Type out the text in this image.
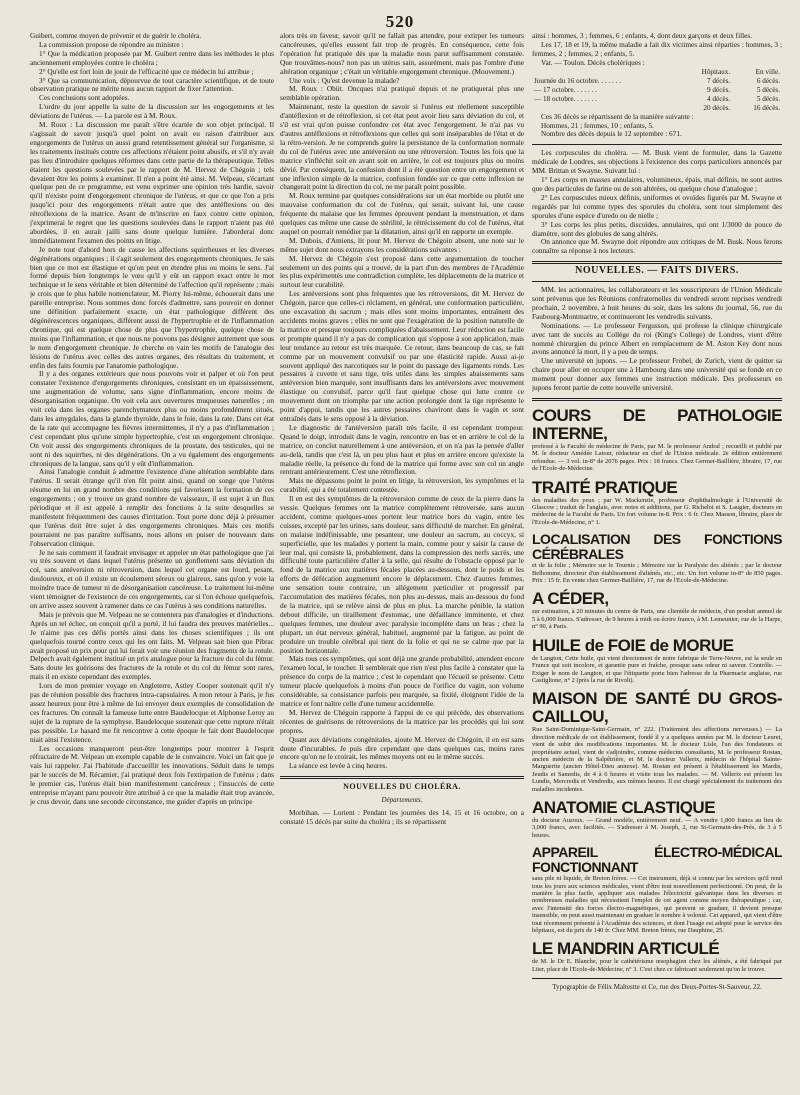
520

Guibert, comme moyen de prévenir et de guérir le choléra.

La commission propose de répondre au ministre :

1° Que la médication proposée par M. Guibert rentre dans les méthodes le plus anciennement employées contre le choléra ;

2° Qu'elle est fort loin de jouir de l'efficacité que ce médecin lui attribue ;

3° Que sa communication, dépourvue de tout caractère scientifique, et de toute observation pratique ne mérite nous aucun rapport de fixer l'attention.

Ces conclusions sont adoptées.

L'ordre du jour appelle la suite de la discussion sur les engorgements et les déviations de l'utérus. — La parole est à M. Roux.

M. Roux : La discussion me paraît s'être écartée de son objet principal. Il s'agissait de savoir jusqu'à quel point on avait eu raison d'attribuer aux engorgements de l'utérus un aussi grand retentissement général sur l'organisme, si les traitements institués contre ces affections n'étaient point abusifs, et s'il n'y avait pas lieu d'introduire quelques réformes dans cette partie de la thérapeutique. Telles étaient les questions soulevées par le rapport de M. Hervez de Chégoin ; tels devaient être les points à examiner. Il n'en a point été ainsi. M. Velpeau, s'écartant quelque peu de ce programme, est venu exprimer une opinion très hardie, savoir qu'il n'existe point d'engorgement chronique de l'utérus, et que ce que l'on a pris jusqu'ici pour des engorgements n'était autre que des antéflexions ou des rétroflexions de la matrice. Avant de m'inscrire en faux contre cette opinion, j'exprimerai le regret que les questions soulevées dans le rapport n'aient pas été abordées, il en aurait jailli sans doute quelque lumière. J'aborderai donc immédiatement l'examen des points en litige.

Je note tout d'abord hors de cause les affections squirrheuses et les diverses dégénérations organiques ; il s'agit seulement des engorgements chroniques. Je sais bien que ce mot est élastique et qu'on peut en étendre plus ou moins le sens. J'ai formé depuis bien longtemps le vœu qu'il y eût un rapport exact entre le mot technique et le sens véritable et bien déterminé de l'affection qu'il représente ; mais je crois que le plus habile nomenclateur, M. Piorry lui-même, échouerait dans une pareille entreprise. Nous sommes donc forcés d'admettre, sans pouvoir en donner une définition parfaitement exacte, un état pathologique différent des dégénérescences organiques, différent aussi de l'hypertrophie et de l'inflammation chronique, qui est quelque chose de plus que l'hypertrophie, quelque chose de moins que l'inflammation, et que nous ne pouvons pas désigner autrement que sous le nom d'engorgement chronique. Je cherche en vain les motifs de l'analogie des lésions de l'utérus avec celles des autres organes, des résultats du traitement, et enfin des faits fournis par l'anatomie pathologique.

Il y a des organes extérieurs que nous pouvons voir et palper et où l'on peut constater l'existence d'engorgements chroniques, consistant en un épaississement, une augmentation de volume, sans signe d'inflammation, encore moins de désorganisation organique. On voit cela aux ouvertures muqueuses naturelles ; on voit cela dans les organes parenchymateux plus ou moins profondément situés, dans les amygdales, dans la glande thyroïde, dans le foie, dans la rate. Dans cet état de la rate qui accompagne les fièvres intermittentes, il n'y a pas d'inflammation ; c'est cependant plus qu'une simple hypertrophie, c'est un engorgement chronique. On voit aussi des engorgements chroniques de la prostate, des testicules, qui ne sont ni des squirrhes, ni des dégénérations. On a vu également des engorgements chroniques de la langue, sans qu'il y eût d'inflammation.

Ainsi l'analogie conduit à admettre l'existence d'une altération semblable dans l'utérus. Il serait étrange qu'il n'en fût point ainsi, quand on songe que l'utérus résume en lui un grand nombre des conditions qui favorisent la formation de ces engorgements ; on y trouve un grand nombre de vaisseaux, il est sujet à un flux périodique et il est appelé à remplir des fonctions à la suite desquelles se manifestent fréquemment des causes d'irritation. Tout porte donc déjà à présumer que l'utérus doit être sujet à des engorgements chroniques. Mais ces motifs pourraient ne pas paraître suffisants, nous allons en puiser de nouveaux dans l'observation clinique.

Je ne sais comment il faudrait envisager et appeler un état pathologique que j'ai vu très souvent et dans lequel l'utérus présente un gonflement sans déviation du col, sans antéversion ni rétroversion, dans lequel cet organe est lourd, pesant, douloureux, et où il existe un écoulement séreux ou glaireux, sans qu'on y voie la moindre trace de tumeur ni de désorganisation cancéreuse. Le traitement lui-même vient témoigner de l'existence de ces engorgements, car si l'on échoue quelquefois, on arrive assez souvent à ramener dans ce cas l'utérus à ses conditions naturelles.

Mais je prévois que M. Velpeau ne se contentera pas d'analogies et d'inductions. Après un tel échec, on conçoit qu'il a porté, il lui faudra des preuves matérielles... Je n'aime pas ces défis portés ainsi dans les choses scientifiques ; ils ont quelquefois tourné contre ceux qui les ont faits. M. Velpeau sait bien que Pibrac avait proposé un prix pour qui lui ferait voir une réunion des fragments de la rotule. Delpech avait également institué un prix analogue pour la fracture du col du fémur. Sans doute les guérisons des fractures de la rotule et du col du fémur sont rares, mais il en existe cependant des exemples.

Lors de mon premier voyage en Angleterre, Astley Cooper soutenait qu'il n'y pas de réunion possible des fractures intra-capsulaires. A mon retour à Paris, je fus assez heureux pour être à même de lui envoyer deux exemples de consolidation de ces fractures. On connaît la fameuse lutte entre Baudelocque et Alphonse Leroy au sujet de la rupture de la symphyse. Baudelocque soutenait que cette rupture n'était pas possible. Le hasard me fit rencontrer à cette époque le fait dont Baudelocque niait ainsi l'existence.

Les occasions manqueront peut-être longtemps pour montrer à l'esprit réfractaire de M. Velpeau un exemple capable de le convaincre. Voici un fait que je vais lui rappeler. J'ai l'habitude d'accueillir les innovations. Séduit dans le temps par le succès de M. Récamier, j'ai pratiqué deux fois l'extirpation de l'utérus ; dans le premier cas, l'utérus était bien manifestement cancéreux ; l'insuccès de cette entreprise m'ayant paru pouvoir être attribué à ce que la maladie était trop avancée, je crus devoir, dans une seconde circonstance, me guider d'après un principe

alors très en faveur, savoir qu'il ne fallait pas attendre, pour extirper les tumeurs cancéreuses, qu'elles eussent fait trop de progrès. En conséquence, cette fois l'opération fut pratiquée dès que la maladie nous parut suffisamment constatée. Que trouvâmes-nous? non pas un utérus sain, assurément, mais pas l'ombre d'une altération organique ; c'était un véritable engorgement chronique. (Mouvement.)

Une voix : Qu'est devenue la malade?

M. Roux : Obiit. Oncques n'ai pratiqué depuis et ne pratiquerai plus une semblable opération.

Maintenant, reste la question de savoir si l'utérus est réellement susceptible d'antéflexion et de rétroflexion, si cet état peut avoir lieu sans déviation du col, et s'il est vrai qu'on puisse confondre cet état avec l'engorgement. Je n'ai pas vu d'autres antéflexions et rétroflexions que celles qui sont inséparables de l'état et de la rétro-version. Je ne comprends guère la persistance de la conformation normale du col de l'utérus avec une antéversion ou une rétroversion. Toutes les fois que la matrice s'infléchit soit en avant soit en arrière, le col est toujours plus ou moins dévié. Par conséquent, la confusion dont il a été question entre un engorgement et une inflexion simple de la matrice, confusion fondée sur ce que cette inflexion ne changerait point la direction du col, ne me paraît point possible.

M. Roux termine par quelques considérations sur un état morbide ou plutôt une mauvaise conformation du col de l'utérus, qui serait, suivant lui, une cause fréquente du malaise que les femmes éprouvent pendant la menstruation, et dans quelques cas même une cause de stérilité, le rétrécissement du col de l'utérus, état auquel on pourrait remédier par la dilatation, ainsi qu'il en rapporte un exemple.

M. Dubois, d'Amiens, lit pour M. Hervez de Chégoin absent, une note sur le même sujet dont nous extrayons les considérations suivantes :

M. Hervez de Chégoin s'est proposé dans cette argumentation de toucher seulement un des points qui a trouvé, de la part d'un des membres de l'Académie les plus expérimentés une contradiction complète, les déplacements de la matrice et surtout leur curabilité.

Les antéversions sont plus fréquentes que les rétroversions, dit M. Hervez de Chégoin, parce que celles-ci réclament, en général, une conformation particulière, une excavation du sacrum ; mais elles sont moins importantes, entraînent des accidents moins graves ; elles ne sont que l'exagération de la position naturelle de la matrice et presque toujours compliquées d'abaissement. Leur réduction est facile et prompte quand il n'y a pas de complication qui s'oppose à son application, mais leur tendance au retour est très marquée. Ce retour, dans beaucoup de cas, se fait comme par un mouvement convulsif ou par une élasticité rapide. Aussi ai-je souvent appliqué des narcotiques sur le point du passage des ligaments ronds. Les pessaires à cuvette et sans tige, très utiles dans les simples abaissements sans antéversion bien marquée, sont insuffisants dans les antéversions avec mouvement élastique ou convulsif, parce qu'il faut quelque chose qui lutte contre ce mouvement dont on triomphe par une action prolongée dont la tige représente le point d'appui, tandis que les autres pessaires chaviront dans le vagin et sont entraînés dans le sens opposé à la déviation.

Le diagnostic de l'antéversion paraît très facile, il est cependant trompeur. Quand le doigt, introduit dans le vagin, rencontre en bas et en arrière le col de la matrice, on conclut naturellement à une antéversion, et on n'a pas la pensée d'aller au-delà, tandis que c'est là, un peu plus haut et plus en arrière encore qu'existe la maladie réelle, la présence du fond de la matrice qui forme avec son col un angle rentrant antérieurement. C'est une rétroflexion.

Mais ne dépassons point le point en litige, la rétroversion, les symptômes et la curabilité, qui a été totalement contestée.

Il en est des symptômes de la rétroversion comme de ceux de la pierre dans la vessie. Quelques femmes ont la matrice complètement rétroversée, sans aucun accident, comme quelques-unes portent leur matrice hors du vagin, entre les cuisses, excepté par les urines, sans douleur, sans difficulté de marcher. En général, on malaise indéfinissable, une pesanteur, une douleur au sacrum, au coccyx, si superficielle, que les malades y portent la main, comme pour y saisir la cause de leur mal, qui consiste là, probablement, dans la compression des nerfs sacrés, une difficulté toute particulière d'aller à la selle, qui résulte de l'obstacle opposé par le fond de la matrice aux matières fécales placées au-dessous, dont le poids et les efforts de défécation augmentent encore le déplacement. Chez d'autres femmes, une sensation toute contraire, un allégement particulier et progressif par l'accumulation des matières fécales, non plus au-dessus, mais au-dessous du fond de la matrice, qui se relève ainsi de plus en plus. La marche pénible, la station debout difficile, un tiraillement d'estomac, une défaillance imminente, et chez quelques femmes, une douleur avec paralysie incomplète dans un bras ; chez la plupart, un état nerveux général, habituel, augmenté par la fatigue, au point de produire un trouble cérébral qui tient de la folie et qui ne se calme que par la position horizontale.

Mais tous ces symptômes, qui sont déjà une grande probabilité, attendent encore l'examen local, le toucher. Il semblerait que rien n'est plus facile à constater que la présence du corps de la matrice ; c'est le cependant que l'écueil se présente. Cette tumeur placée quelquefois à moins d'un pouce de l'orifice du vagin, son volume considérable, sa consistance parfois peu marquée, sa fixité, éloignent l'idée de la matrice et font naître celle d'une tumeur accidentelle.

M. Hervez de Chégoin rapporte à l'appui de ce qui précède, des observations récentes de guérisons de rétroversions de la matrice par les procédés qui lui sont propres.

Quant aux déviations congénitales, ajoute M. Hervez de Chégoin, il en est sans doute d'incurables. Je puis dire cependant que dans quelques cas, moins rares encore qu'on ne le croirait, les mêmes moyens ont eu le même succès.

La séance est levée à cinq heures.

NOUVELLES DU CHOLÉRA.
Départements.

Morbihan. — Lorient : Pendant les journées des 14, 15 et 16 octobre, on a constaté 15 décès par suite du choléra ; ils se répartissent

ainsi : hommes, 3 ; femmes, 6 ; enfants, 4, dont deux garçons et deux filles.

Les 17, 18 et 19, la même maladie a fait dix victimes ainsi réparties : hommes, 3 ; femmes, 2 ; femmes, 2 ; enfants, 5.

Var. — Toulon. Décès cholériques :

	Hôpitaux.	En ville.
Journée du 16 octobre. . . . . . .	7 décès.	6 décès.
— 17 octobre. . . . . . .	9 décès.	5 décès.
— 18 octobre. . . . . . .	4 décès.	5 décès.
	20 décès.	16 décès.

Ces 36 décès se répartissent de la manière suivante :

Hommes, 21 ; femmes, 10 ; enfants, 5.

Nombre des décès depuis le 12 septembre : 671.

Les corpuscules du choléra. — M. Busk vient de formuler, dans la Gazette médicale de Londres, ses objections à l'existence des corps particuliers annoncés par MM. Brittan et Swayne. Suivant lui :

1° Les corps en masses annulaires, volumineux, épais, mal définis, ne sont autres que des particules de farine ou de son altérées, ou quelque chose d'analogue ;

2° Les corpuscules mieux définis, uniformes et ovoïdes figurés par M. Swayne et regardés par lui comme types des sporules du choléra, sont tout simplement des sporules d'une espèce d'uredo ou de nielle ;

3° Les corps les plus petits, discoïdes, annulaires, qui ont 1/3000 de pouce de diamètre, sont des globules de sang altérés.

On annonce que M. Swayne doit répondre aux critiques de M. Busk. Nous ferons connaître sa réponse à nos lecteurs.

NOUVELLES. — FAITS DIVERS.

MM. les actionnaires, les collaborateurs et les souscripteurs de l'Union Médicale sont prévenus que les Réunions confraternelles du vendredi seront reprises vendredi prochain, 2 novembre, à huit heures du soir, dans les salons du journal, 56, rue du Faubourg-Montmartre, et continueront les vendredis suivants.

Nominations. — Le professeur Fergusson, qui professe la clinique chirurgicale avec tant de succès au Collège du roi (King's College) de Londres, vient d'être nommé chirurgien du prince Albert en remplacement de M. Aston Key dont nous avons annoncé la mort, il y a peu de temps.

Une université en jupons. — Le professeur Frobel, de Zurich, vient de quitter sa chaire pour aller en occuper une à Hambourg dans une université qui se fonde en ce moment pour donner aux femmes une instruction médicale. Des professeurs en jupons feront partie de cette nouvelle université.

COURS DE PATHOLOGIE INTERNE,
professé à la Faculté de médecine de Paris, par M. le professeur Andral ; recueilli et publié par M. le docteur Amédée Latour, rédacteur en chef de l'Union médicale. 2e édition entièrement refondue. — 3 vol. in-8° de 2076 pages. Prix : 18 francs. Chez Germer-Baillière, libraire, 17, rue de l'Ecole-de-Médecine.
TRAITÉ PRATIQUE
des maladies des yeux ; par W. Mackenzie, professeur d'ophthalmologie à l'Université de Glascow ; traduit de l'anglais, avec notes et additions, par G. Richelot et S. Laugier, docteurs en médecine de la Faculté de Paris. Un fort volume in-8. Prix : 6 fr. Chez Masson, libraire, place de l'Ecole-de-Médecine, n° 1.
LOCALISATION DES FONCTIONS CÉRÉBRALES
et de la folie ; Mémoire sur le Tournis ; Mémoire sur la Paralysie des aliénés ; par le docteur Belhomme, directeur d'un établissement d'aliénés, etc., etc. Un fort volume in-8° de 850 pages. Prix : 15 fr. En vente chez Germer-Baillière, 17, rue de l'Ecole-de-Médecine.
A CÉDER,
sur estimation, à 20 minutes du centre de Paris, une clientèle de médecin, d'un produit annuel de 5 à 6,000 francs. S'adresser, de 9 heures à midi ou écrire franco, à M. Lemeunier, rue de la Harpe, n° 90, à Paris.
HUILE de FOIE de MORUE
de Langton, Cette huile, qui vient directement de notre fabrique de Terre-Neuve, est la seule en France qui soit incolore, et garantie pure et fraîche, presque sans odeur ni saveur. Contrôle. — Exiger le nom de Langton, et que l'étiquette porte bien l'adresse de la Pharmacie anglaise, rue Castiglione, n° 2 (près la rue de Rivoli).
MAISON DE SANTÉ DU GROS-CAILLOU,
Rue Saint-Dominique-Saint-Germain, n° 222. (Traitement des affections nerveuses.) — La direction médicale de cet établissement, fondé il y a quelques années par M. le docteur Leuret, vient de subir des modifications importantes. M. le docteur Lisle, l'un des fondateurs et propriétaire actuel, vient de s'adjoindre, comme médecins consultants, M. le professeur Rostan, ancien médecin de la Salpêtrière, et M. le docteur Vallerix, médecin de l'hôpital Sainte-Marguerite (ancien Hôtel-Dieu annexe). M. Rostan est présent à l'établissement les Mardis, Jeudis et Samedis, de 4 à 6 heures et visite tous les malades. — M. Vallerix est présent les Lundis, Mercredis et Vendredis, aux mêmes heures. Il est chargé spécialement du traitement des maladies incidentes.
ANATOMIE CLASTIQUE
du docteur Auzoux. — Grand modèle, entièrement neuf. — A vendre 1,800 francs au lieu de 3,000 francs, avec facilités. — S'adresser à M. Joseph, 2, rue St-Germain-des-Prés, de 3 à 5 heures.
APPAREIL ÉLECTRO-MÉDICAL FONCTIONNANT
sans pile ni liquide, de Breton frères. — Cet instrument, déjà si connu par les services qu'il rend tous les jours aux sciences médicales, vient d'être tout nouvellement perfectionné. On peut, de la manière la plus facile, appliquer aux malades l'électricité galvanique dans les diverses et nombreuses maladies qui nécessitent l'emploi de cet agent comme moyen thérapeutique ; car, avec l'intensité des forces électro-magnétiques, qui peuvent se graduer, il devient presque insensible, on peut aussi maintenant en graduer le nombre à volonté. Cet appareil, qui vient d'être tout récemment présenté à l'Académie des sciences, et dont l'usage est adopté pour le service des hôpitaux, est du prix de 140 fr. Chez MM. Breton frères, rue Dauphine, 25.
LE MANDRIN ARTICULÉ
de M. le Dr E. Blanche, pour le cathétérisme œsophagien chez les aliénés, a été fabriqué par Lüer, place de l'Ecole-de-Médecine, n° 3. C'est chez ce fabricant seulement qu'on le trouve.
Typographie de Félix Maltestte et Ce, rue des Deux-Portes-St-Sauveur, 22.
